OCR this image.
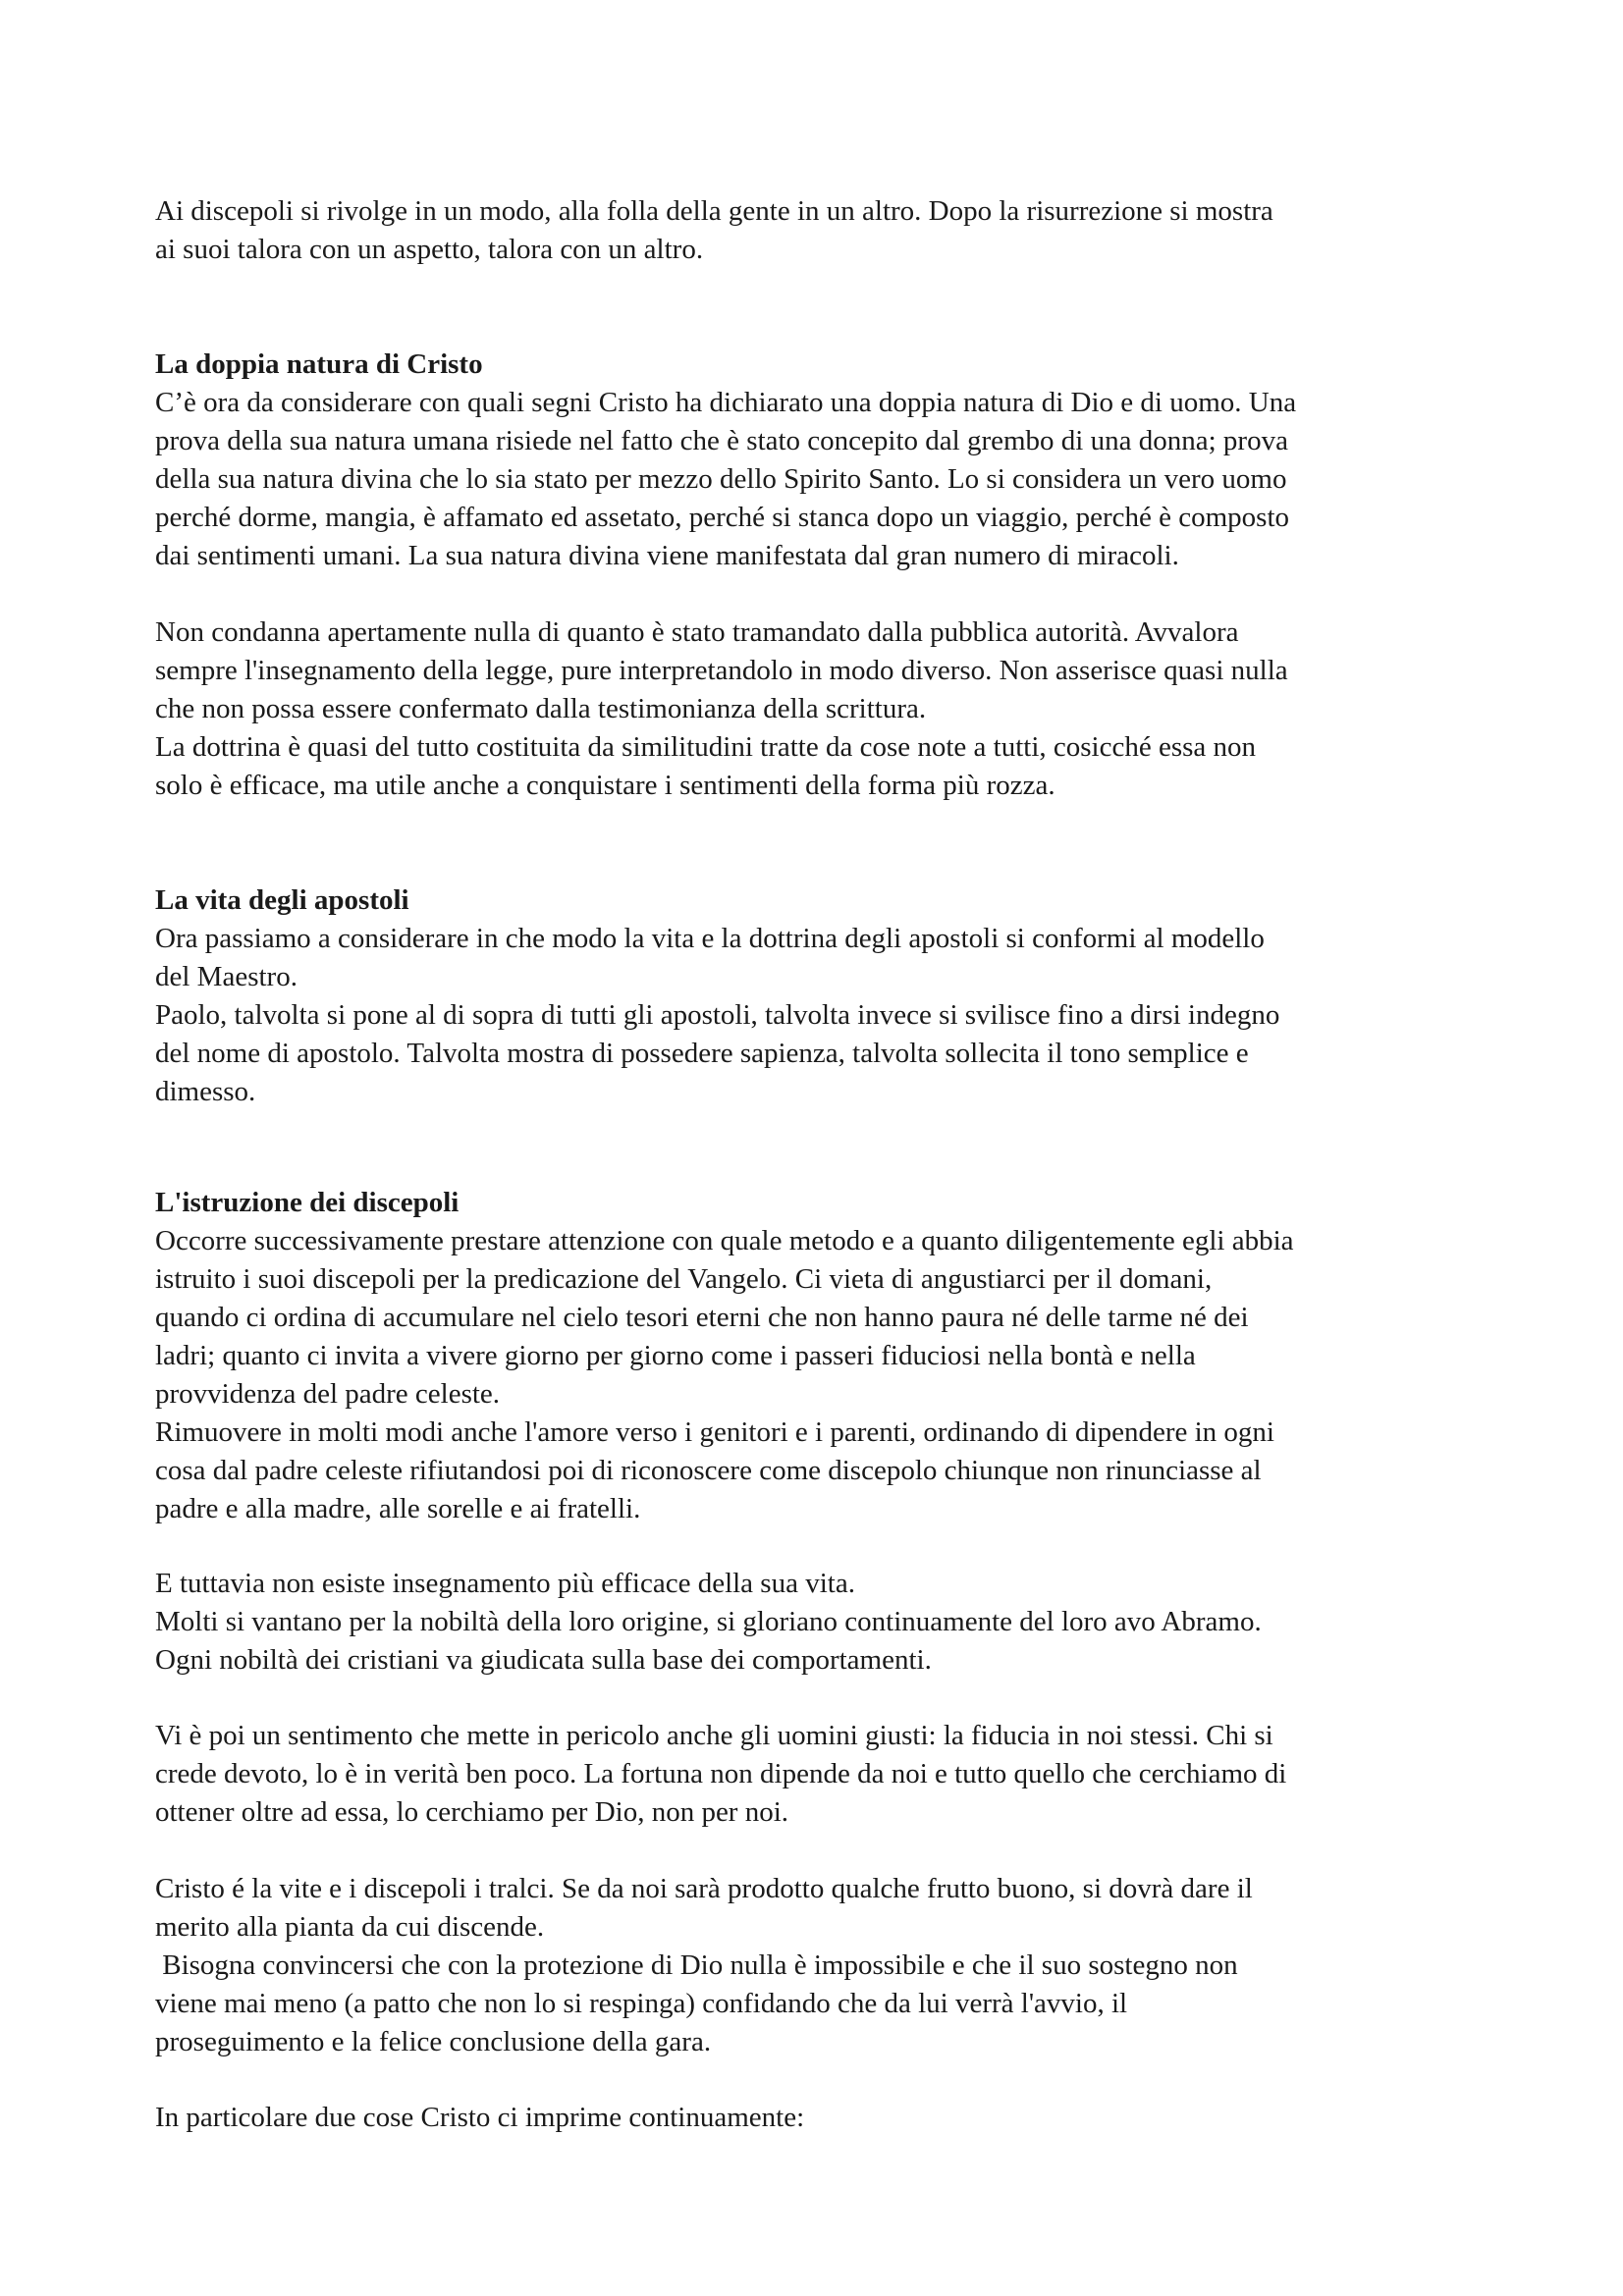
Ai discepoli si rivolge in un modo, alla folla della gente in un altro. Dopo la risurrezione si mostra

ai suoi talora con un aspetto, talora con un altro.

La doppia natura di Cristo

C’è ora da considerare con quali segni Cristo ha dichiarato una doppia natura di Dio e di uomo. Una

prova della sua natura umana risiede nel fatto che è stato concepito dal grembo di una donna; prova

della sua natura divina che lo sia stato per mezzo dello Spirito Santo. Lo si considera un vero uomo

perché dorme, mangia, è affamato ed assetato, perché si stanca dopo un viaggio, perché è composto

dai sentimenti umani. La sua natura divina viene manifestata dal gran numero di miracoli.

Non condanna apertamente nulla di quanto è stato tramandato dalla pubblica autorità. Avvalora

sempre l'insegnamento della legge, pure interpretandolo in modo diverso. Non asserisce quasi nulla

che non possa essere confermato dalla testimonianza della scrittura.

La dottrina è quasi del tutto costituita da similitudini tratte da cose note a tutti, cosicché essa non

solo è efficace, ma utile anche a conquistare i sentimenti della forma più rozza.

La vita degli apostoli

Ora passiamo a considerare in che modo la vita e la dottrina degli apostoli si conformi al modello

del Maestro.

Paolo, talvolta si pone al di sopra di tutti gli apostoli, talvolta invece si svilisce fino a dirsi indegno

del nome di apostolo. Talvolta mostra di possedere sapienza, talvolta sollecita il tono semplice e

dimesso.

L'istruzione dei discepoli

Occorre successivamente prestare attenzione con quale metodo e a quanto diligentemente egli abbia

istruito i suoi discepoli per la predicazione del Vangelo. Ci vieta di angustiarci per il domani,

quando ci ordina di accumulare nel cielo tesori eterni che non hanno paura né delle tarme né dei

ladri; quanto ci invita a vivere giorno per giorno come i passeri fiduciosi nella bontà e nella

provvidenza del padre celeste.

Rimuovere in molti modi anche l'amore verso i genitori e i parenti, ordinando di dipendere in ogni

cosa dal padre celeste rifiutandosi poi di riconoscere come discepolo chiunque non rinunciasse al

padre e alla madre, alle sorelle e ai fratelli.

E tuttavia non esiste insegnamento più efficace della sua vita.

Molti si vantano per la nobiltà della loro origine, si gloriano continuamente del loro avo Abramo.

Ogni nobiltà dei cristiani va giudicata sulla base dei comportamenti.

Vi è poi un sentimento che mette in pericolo anche gli uomini giusti: la fiducia in noi stessi. Chi si

crede devoto, lo è in verità ben poco. La fortuna non dipende da noi e tutto quello che cerchiamo di

ottener oltre ad essa, lo cerchiamo per Dio, non per noi.

Cristo é la vite e i discepoli i tralci. Se da noi sarà prodotto qualche frutto buono, si dovrà dare il

merito alla pianta da cui discende.

Bisogna convincersi che con la protezione di Dio nulla è impossibile e che il suo sostegno non

viene mai meno (a patto che non lo si respinga) confidando che da lui verrà l'avvio, il

proseguimento e la felice conclusione della gara.

In particolare due cose Cristo ci imprime continuamente:
